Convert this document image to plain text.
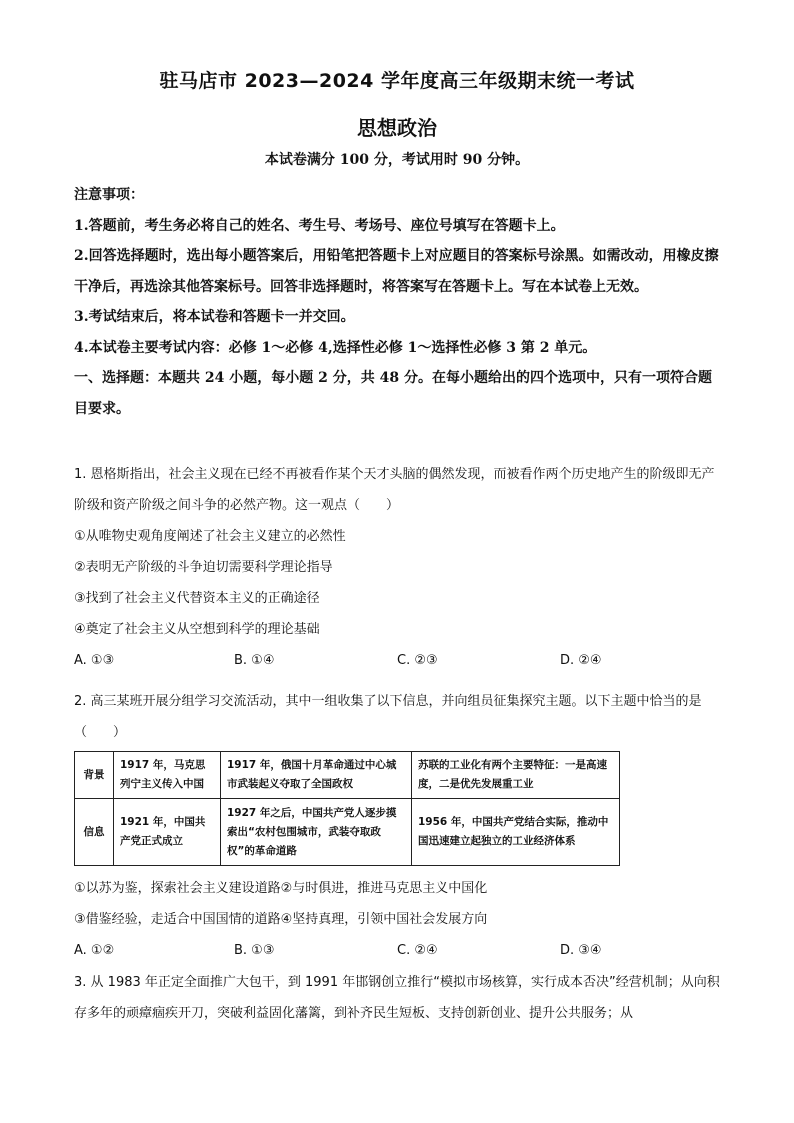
驻马店市 2023—2024 学年度高三年级期末统一考试
思想政治
本试卷满分 100 分，考试用时 90 分钟。

注意事项：

1.答题前，考生务必将自己的姓名、考生号、考场号、座位号填写在答题卡上。

2.回答选择题时，选出每小题答案后，用铅笔把答题卡上对应题目的答案标号涂黑。如需改动，用橡皮擦干净后，再选涂其他答案标号。回答非选择题时，将答案写在答题卡上。写在本试卷上无效。

3.考试结束后，将本试卷和答题卡一并交回。

4.本试卷主要考试内容：必修 1～必修 4,选择性必修 1～选择性必修 3 第 2 单元。

一、选择题：本题共 24 小题，每小题 2 分，共 48 分。在每小题给出的四个选项中，只有一项符合题目要求。

1. 恩格斯指出，社会主义现在已经不再被看作某个天才头脑的偶然发现，而被看作两个历史地产生的阶级即无产阶级和资产阶级之间斗争的必然产物。这一观点（　　）

①从唯物史观角度阐述了社会主义建立的必然性

②表明无产阶级的斗争迫切需要科学理论指导

③找到了社会主义代替资本主义的正确途径

④奠定了社会主义从空想到科学的理论基础

A. ①③	B. ①④	C. ②③	D. ②④

2. 高三某班开展分组学习交流活动，其中一组收集了以下信息，并向组员征集探究主题。以下主题中恰当的是（　　）

背景	1917 年，马克思列宁主义传入中国	1917 年，俄国十月革命通过中心城市武装起义夺取了全国政权	苏联的工业化有两个主要特征：一是高速度，二是优先发展重工业
信息	1921 年，中国共产党正式成立	1927 年之后，中国共产党人逐步摸索出“农村包围城市，武装夺取政权”的革命道路	1956 年，中国共产党结合实际，推动中国迅速建立起独立的工业经济体系

①以苏为鉴，探索社会主义建设道路②与时俱进，推进马克思主义中国化

③借鉴经验，走适合中国国情的道路④坚持真理，引领中国社会发展方向

A. ①②	B. ①③	C. ②④	D. ③④

3. 从 1983 年正定全面推广大包干，到 1991 年邯钢创立推行“模拟市场核算，实行成本否决”经营机制；从向积存多年的顽瘴痼疾开刀，突破利益固化藩篱，到补齐民生短板、支持创新创业、提升公共服务；从
